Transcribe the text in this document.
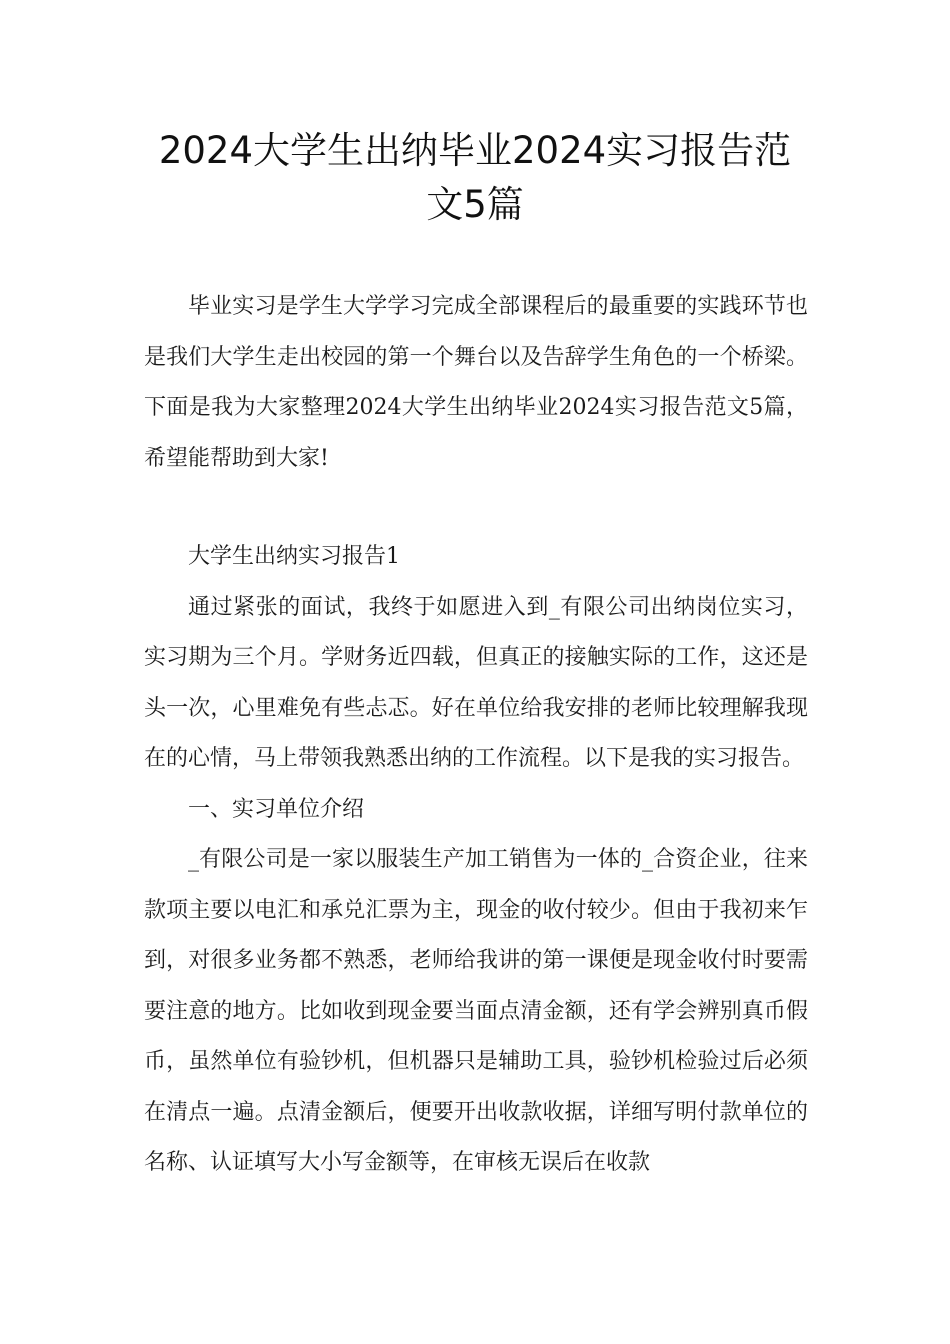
2024大学生出纳毕业2024实习报告范
文5篇

毕业实习是学生大学学习完成全部课程后的最重要的实践环节也是我们大学生走出校园的第一个舞台以及告辞学生角色的一个桥梁。下面是我为大家整理2024大学生出纳毕业2024实习报告范文5篇，希望能帮助到大家!

大学生出纳实习报告1

通过紧张的面试，我终于如愿进入到_有限公司出纳岗位实习，实习期为三个月。学财务近四载，但真正的接触实际的工作，这还是头一次，心里难免有些忐忑。好在单位给我安排的老师比较理解我现在的心情，马上带领我熟悉出纳的工作流程。以下是我的实习报告。

一、实习单位介绍

_有限公司是一家以服装生产加工销售为一体的_合资企业，往来款项主要以电汇和承兑汇票为主，现金的收付较少。但由于我初来乍到，对很多业务都不熟悉，老师给我讲的第一课便是现金收付时要需要注意的地方。比如收到现金要当面点清金额，还有学会辨别真币假币，虽然单位有验钞机，但机器只是辅助工具，验钞机检验过后必须在清点一遍。点清金额后，便要开出收款收据，详细写明付款单位的名称、认证填写大小写金额等，在审核无误后在收款
